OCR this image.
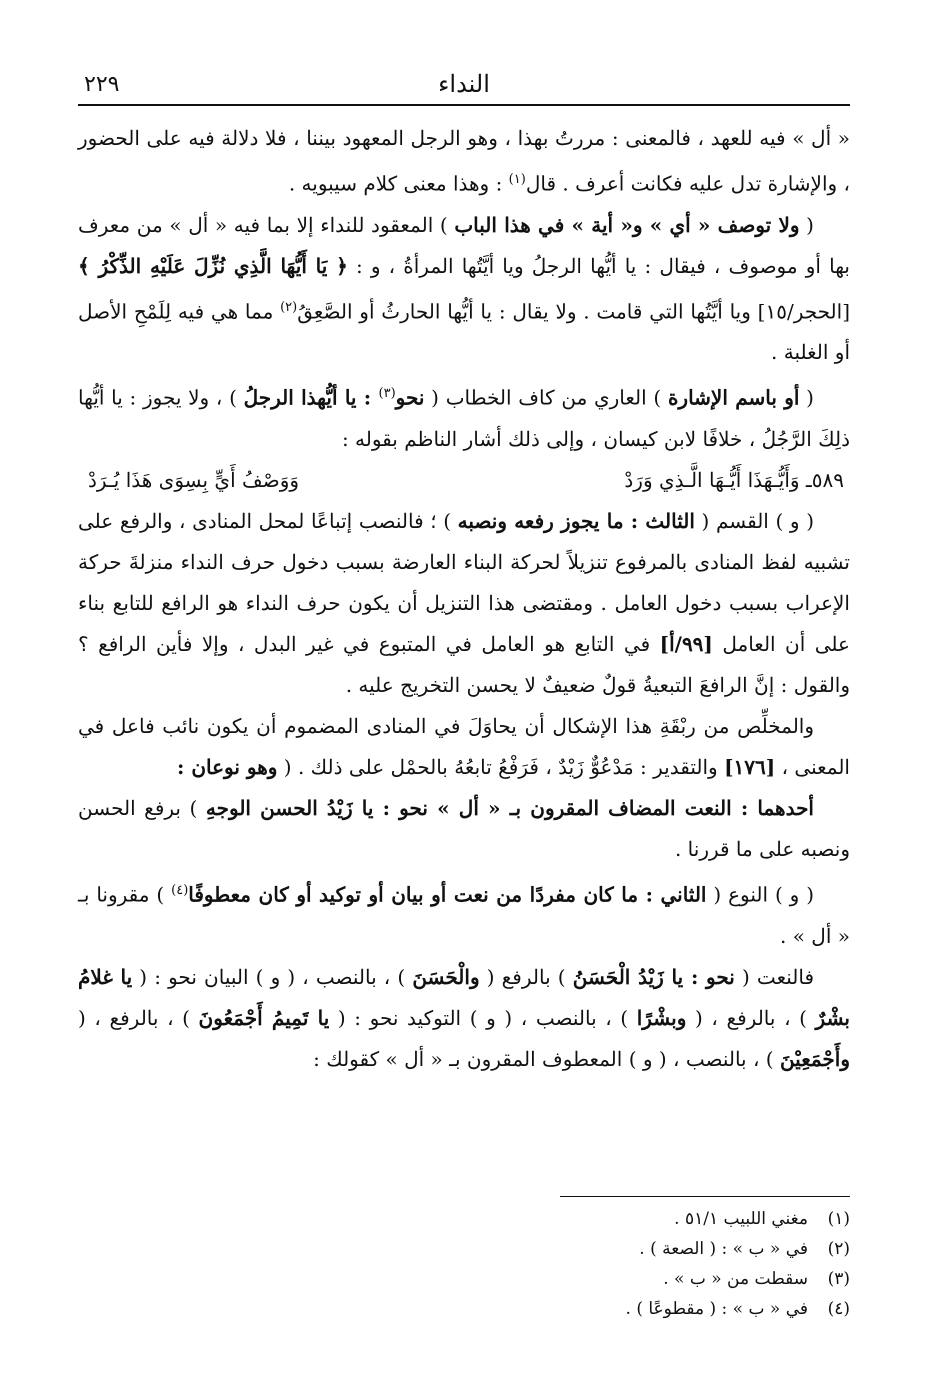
النداء
٢٢٩

« أل » فيه للعهد ، فالمعنى : مررتُ بهذا ، وهو الرجل المعهود بيننا ، فلا دلالة فيه على الحضور ، والإشارة تدل عليه فكانت أعرف . قال$^{(١)}$ : وهذا معنى كلام سيبويه .

( ولا توصف « أي » و« أية » في هذا الباب ) المعقود للنداء إلا بما فيه « أل » من معرف بها أو موصوف ، فيقال : يا أيُّها الرجلُ ويا أيَّتُها المرأةُ ، و : ﴿ يَا أَيُّهَا الَّذِي نُزِّلَ عَلَيْهِ الذِّكْرُ ﴾ [الحجر/١٥] ويا أيَّتُها التي قامت . ولا يقال : يا أيُّها الحارثُ أو الصَّعِقُ$^{(٢)}$ مما هي فيه لِلَمْحِ الأصل أو الغلبة .

( أو باسم الإشارة ) العاري من كاف الخطاب ( نحو$^{(٣)}$ : يا أيُّهذا الرجلُ ) ، ولا يجوز : يا أيُّها ذلِكَ الرَّجُلُ ، خلافًا لابن كيسان ، وإلى ذلك أشار الناظم بقوله :

٥٨٩ـ وَأَيُّـهَذَا أَيُّـهَا الَّـذِي وَرَدْ
وَوَصْفُ أَيٍّ بِسِوَى هَذَا يُـرَدْ

( و ) القسم ( الثالث : ما يجوز رفعه ونصبه ) ؛ فالنصب إتباعًا لمحل المنادى ، والرفع على تشبيه لفظ المنادى بالمرفوع تنزيلاً لحركة البناء العارضة بسبب دخول حرف النداء منزلةَ حركة الإعراب بسبب دخول العامل . ومقتضى هذا التنزيل أن يكون حرف النداء هو الرافع للتابع بناء على أن العامل [٩٩/أ] في التابع هو العامل في المتبوع في غير البدل ، وإلا فأين الرافع ؟ والقول : إنَّ الرافعَ التبعيةُ قولٌ ضعيفٌ لا يحسن التخريج عليه .

والمخلِّص من ربْقَةِ هذا الإشكال أن يحاوَلَ في المنادى المضموم أن يكون نائب فاعل في المعنى ، [١٧٦] والتقدير : مَدْعُوٌّ زَيْدٌ ، فَرَفْعُ تابعُهُ بالحمْل على ذلك . ( وهو نوعان :

أحدهما : النعت المضاف المقرون بـ « أل » نحو : يا زَيْدُ الحسن الوجهِ ) برفع الحسن ونصبه على ما قررنا .

( و ) النوع ( الثاني : ما كان مفردًا من نعت أو بيان أو توكيد أو كان معطوفًا$^{(٤)}$ ) مقرونا بـ « أل » .

فالنعت ( نحو : يا زَيْدُ الْحَسَنُ ) بالرفع ( والْحَسَنَ ) ، بالنصب ، ( و ) البيان نحو : ( يا غلامُ بشْرٌ ) ، بالرفع ، ( وبشْرًا ) ، بالنصب ، ( و ) التوكيد نحو : ( يا تَمِيمُ أَجْمَعُونَ ) ، بالرفع ، ( وأَجْمَعِيْنَ ) ، بالنصب ، ( و ) المعطوف المقرون بـ « أل » كقولك :

(١)مغني اللبيب ٥١/١ .
(٢)في « ب » : ( الصعة ) .
(٣)سقطت من « ب » .
(٤)في « ب » : ( مقطوعًا ) .
